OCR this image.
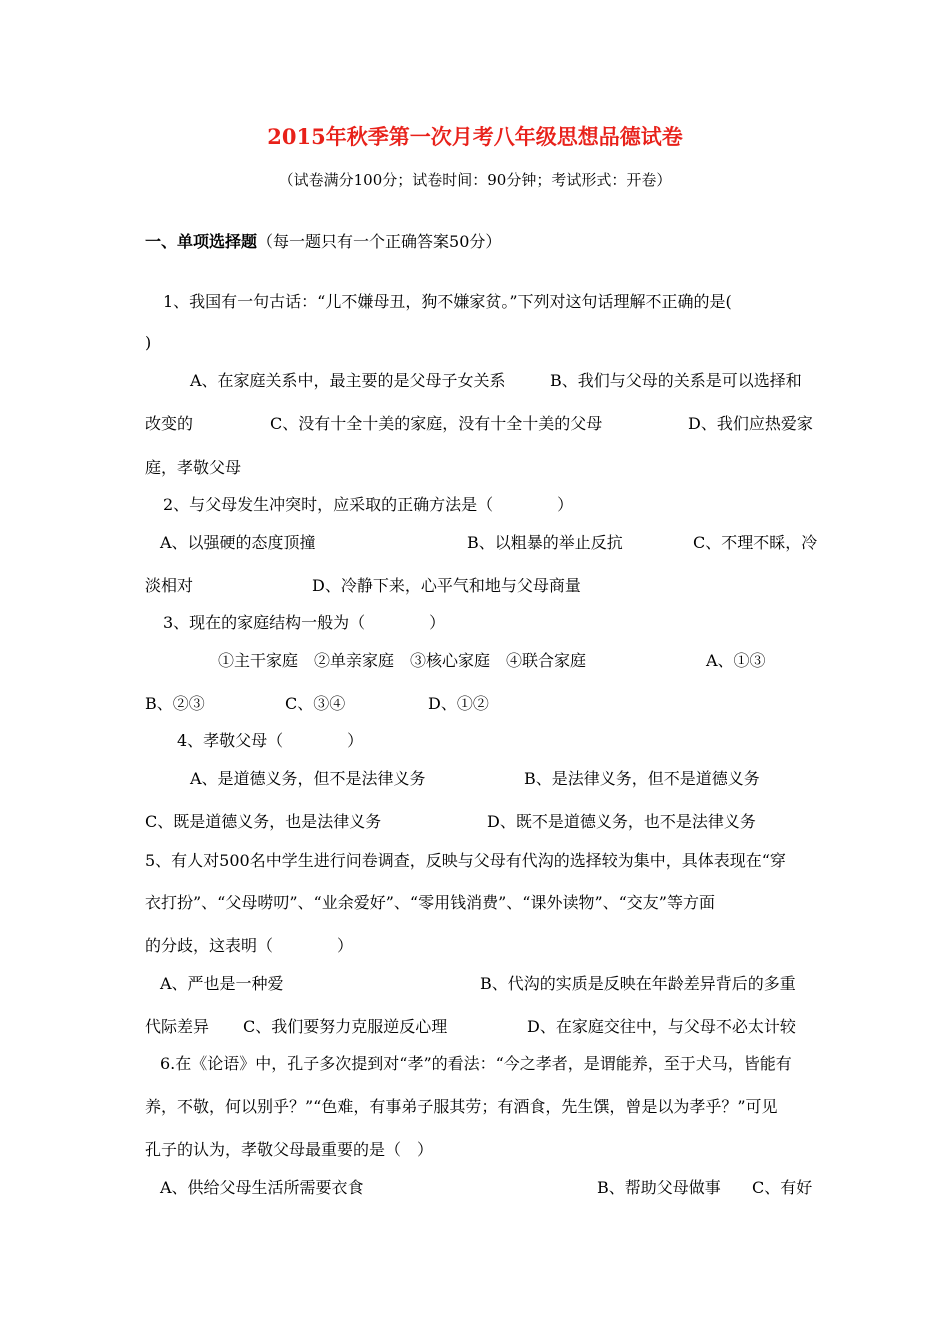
2015年秋季第一次月考八年级思想品德试卷
（试卷满分100分；试卷时间：90分钟；考试形式：开卷）
一、单项选择题（每一题只有一个正确答案50分）
1、我国有一句古话：“儿不嫌母丑，狗不嫌家贫。”下列对这句话理解不正确的是(
)
A、在家庭关系中，最主要的是父母子女关系	B、我们与父母的关系是可以选择和
改变的	C、没有十全十美的家庭，没有十全十美的父母	D、我们应热爱家
庭，孝敬父母
2、与父母发生冲突时，应采取的正确方法是（　　　　）
A、以强硬的态度顶撞	B、以粗暴的举止反抗	C、不理不睬，冷
淡相对	D、冷静下来，心平气和地与父母商量
3、现在的家庭结构一般为（　　　　）
①主干家庭　②单亲家庭　③核心家庭　④联合家庭	A、①③
B、②③	C、③④	D、①②
4、孝敬父母（　　　　）
A、是道德义务，但不是法律义务	B、是法律义务，但不是道德义务
C、既是道德义务，也是法律义务	D、既不是道德义务，也不是法律义务
5、有人对500名中学生进行问卷调查，反映与父母有代沟的选择较为集中，具体表现在“穿
衣打扮”、“父母唠叨”、“业余爱好”、“零用钱消费”、“课外读物”、“交友”等方面
的分歧，这表明（　　　　）
A、严也是一种爱	B、代沟的实质是反映在年龄差异背后的多重
代际差异 C、我们要努力克服逆反心理	D、在家庭交往中，与父母不必太计较
6.在《论语》中，孔子多次提到对“孝”的看法：“今之孝者，是谓能养，至于犬马，皆能有
养，不敬，何以别乎？”“色难，有事弟子服其劳；有酒食，先生馔，曾是以为孝乎？”可见
孔子的认为，孝敬父母最重要的是（　）
A、供给父母生活所需要衣食	B、帮助父母做事 C、有好
